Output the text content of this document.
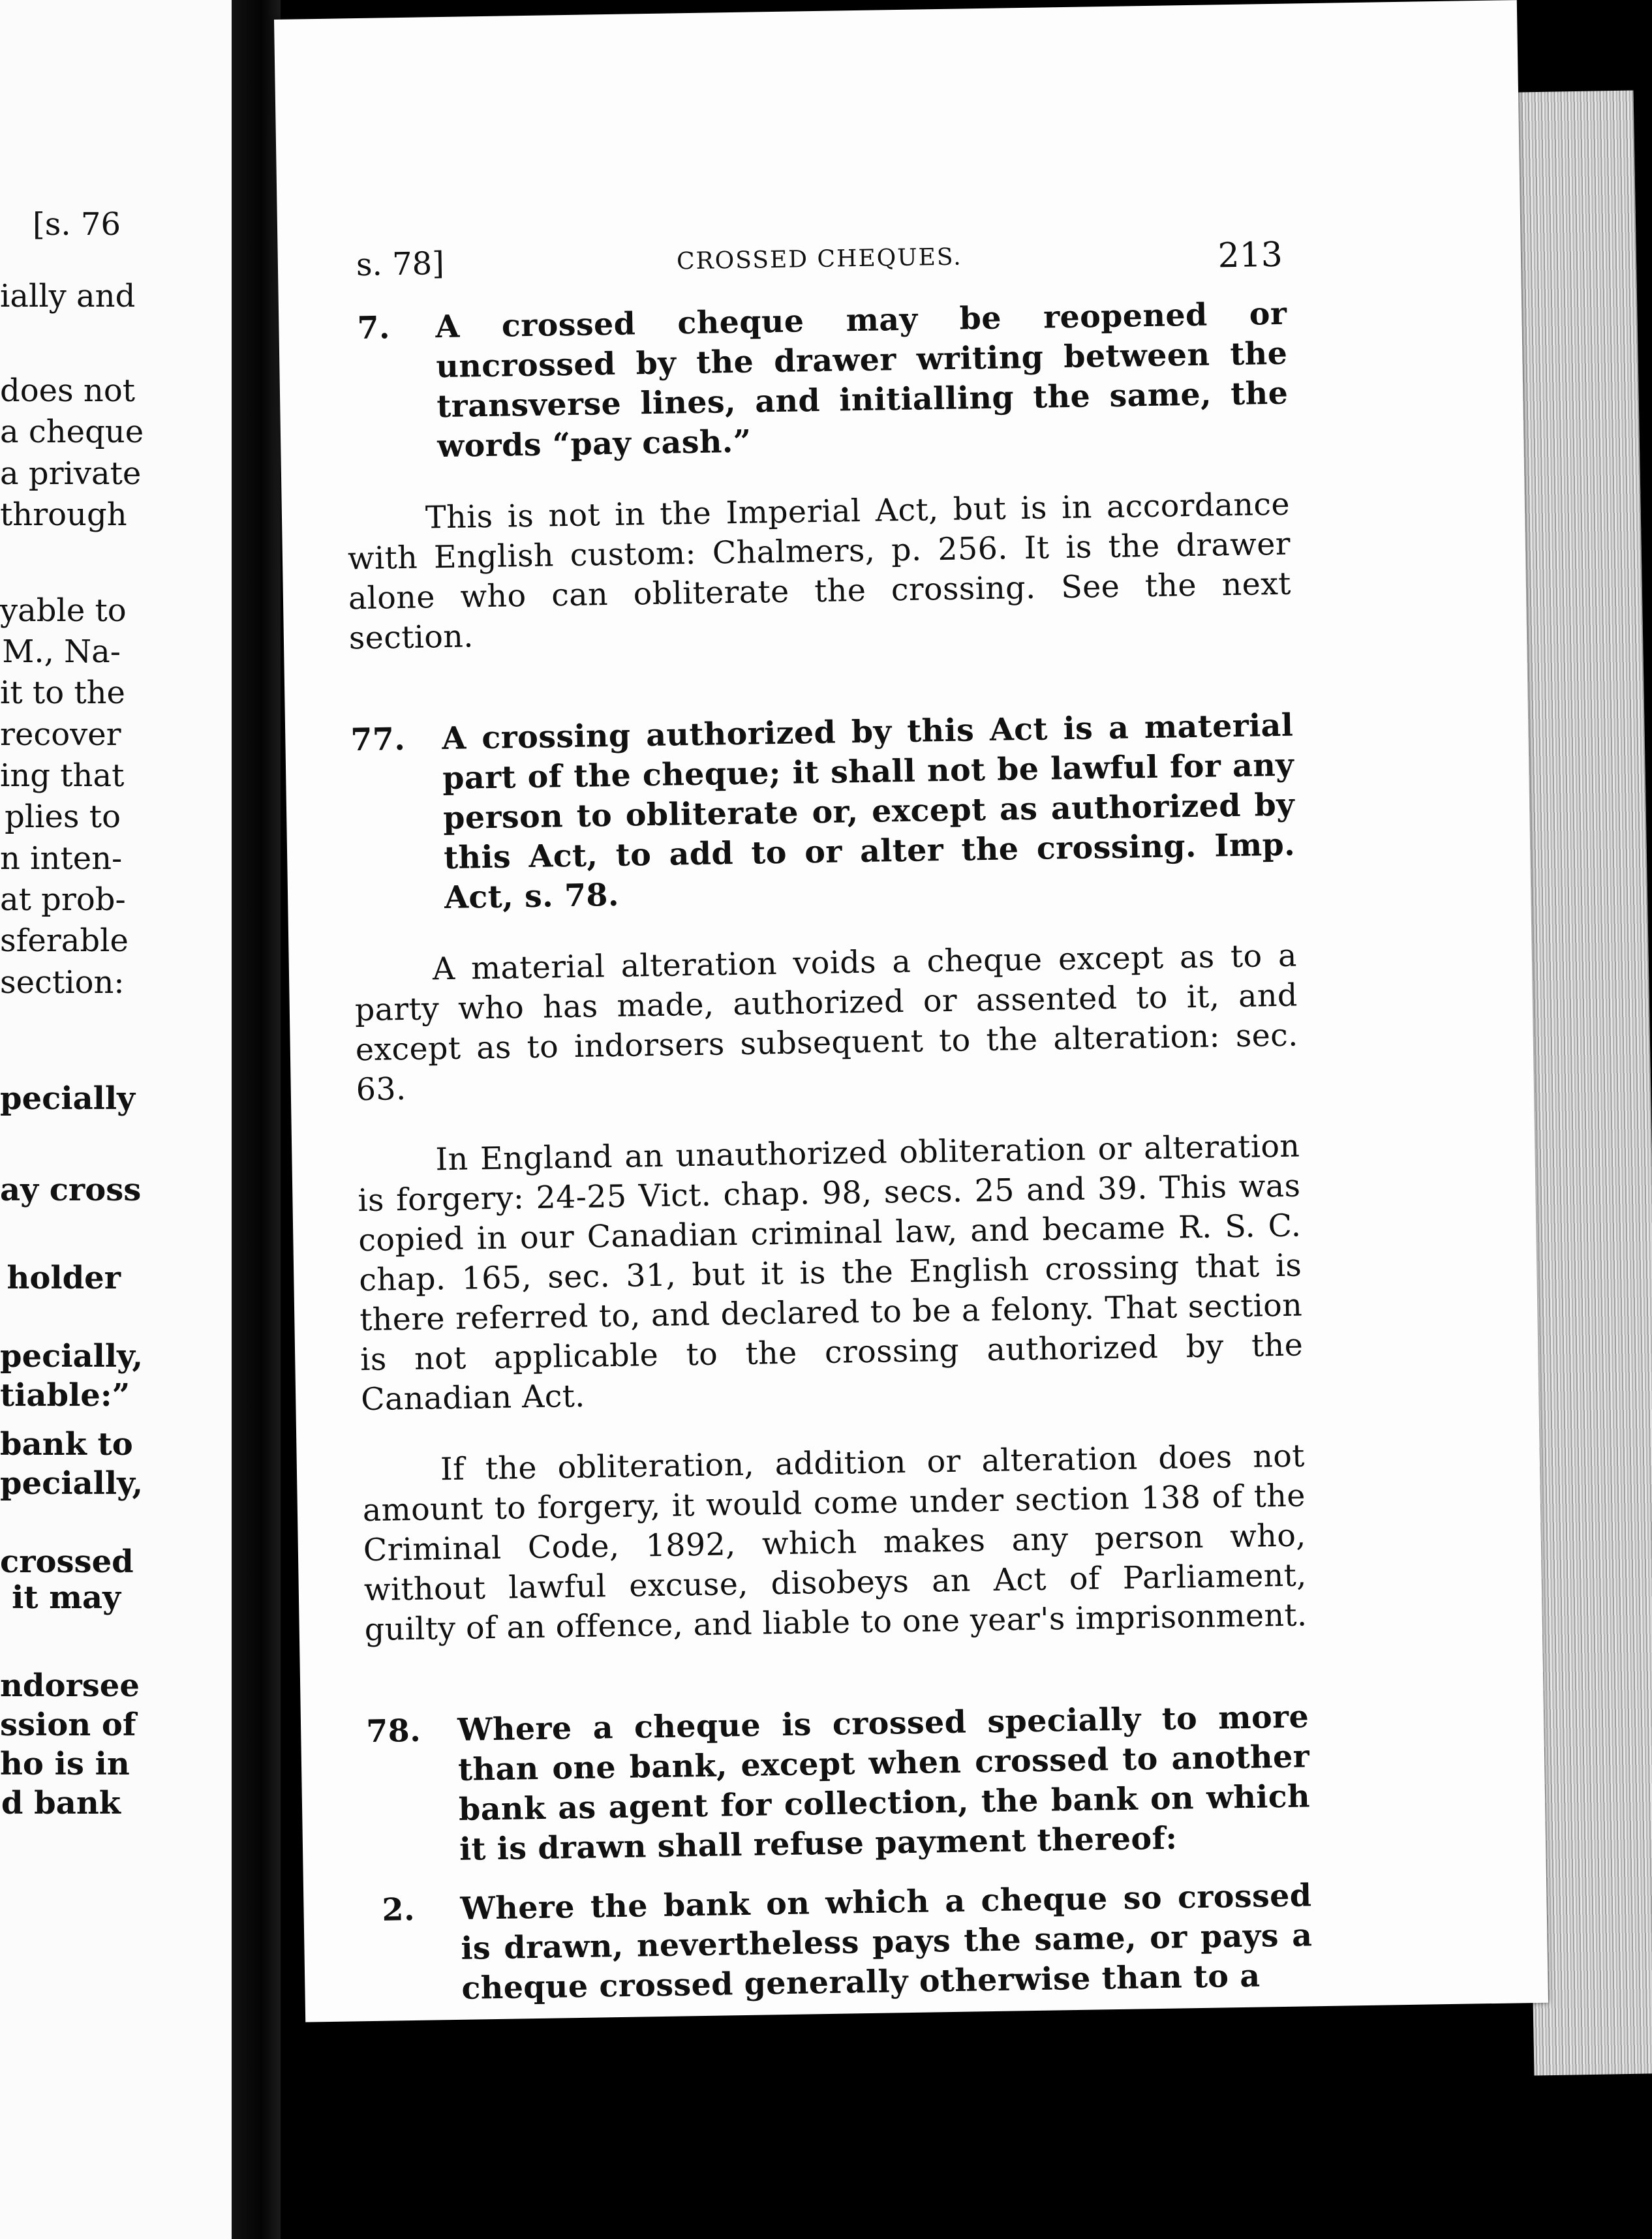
[s. 76
ially and
does not
a cheque
a private
through
yable to
M., Na-
it to the
recover
ing that
plies to
n inten-
at prob-
sferable
section:
pecially
ay cross
holder
pecially,
tiable:”
bank to
pecially,
crossed
it may
ndorsee
ssion of
ho is in
d bank
s. 78]	CROSSED CHEQUES.	213

7.	A crossed cheque may be reopened or uncrossed by the drawer writing between the transverse lines, and initialling the same, the words “pay cash.”

This is not in the Imperial Act, but is in accordance with English custom: Chalmers, p. 256. It is the drawer alone who can obliterate the crossing. See the next section.

77.	A crossing authorized by this Act is a material part of the cheque; it shall not be lawful for any person to obliterate or, except as authorized by this Act, to add to or alter the crossing. Imp. Act, s. 78.

A material alteration voids a cheque except as to a party who has made, authorized or assented to it, and except as to indorsers subsequent to the alteration: sec. 63.

In England an unauthorized obliteration or alteration is forgery: 24-25 Vict. chap. 98, secs. 25 and 39. This was copied in our Canadian criminal law, and became R. S. C. chap. 165, sec. 31, but it is the English crossing that is there referred to, and declared to be a felony. That section is not applicable to the crossing authorized by the Canadian Act.

If the obliteration, addition or alteration does not amount to forgery, it would come under section 138 of the Criminal Code, 1892, which makes any person who, without lawful excuse, disobeys an Act of Parliament, guilty of an offence, and liable to one year's imprisonment.

78.	Where a cheque is crossed specially to more than one bank, except when crossed to another bank as agent for collection, the bank on which it is drawn shall refuse payment thereof:

2.	Where the bank on which a cheque so crossed is drawn, nevertheless pays the same, or pays a cheque crossed generally otherwise than to a
